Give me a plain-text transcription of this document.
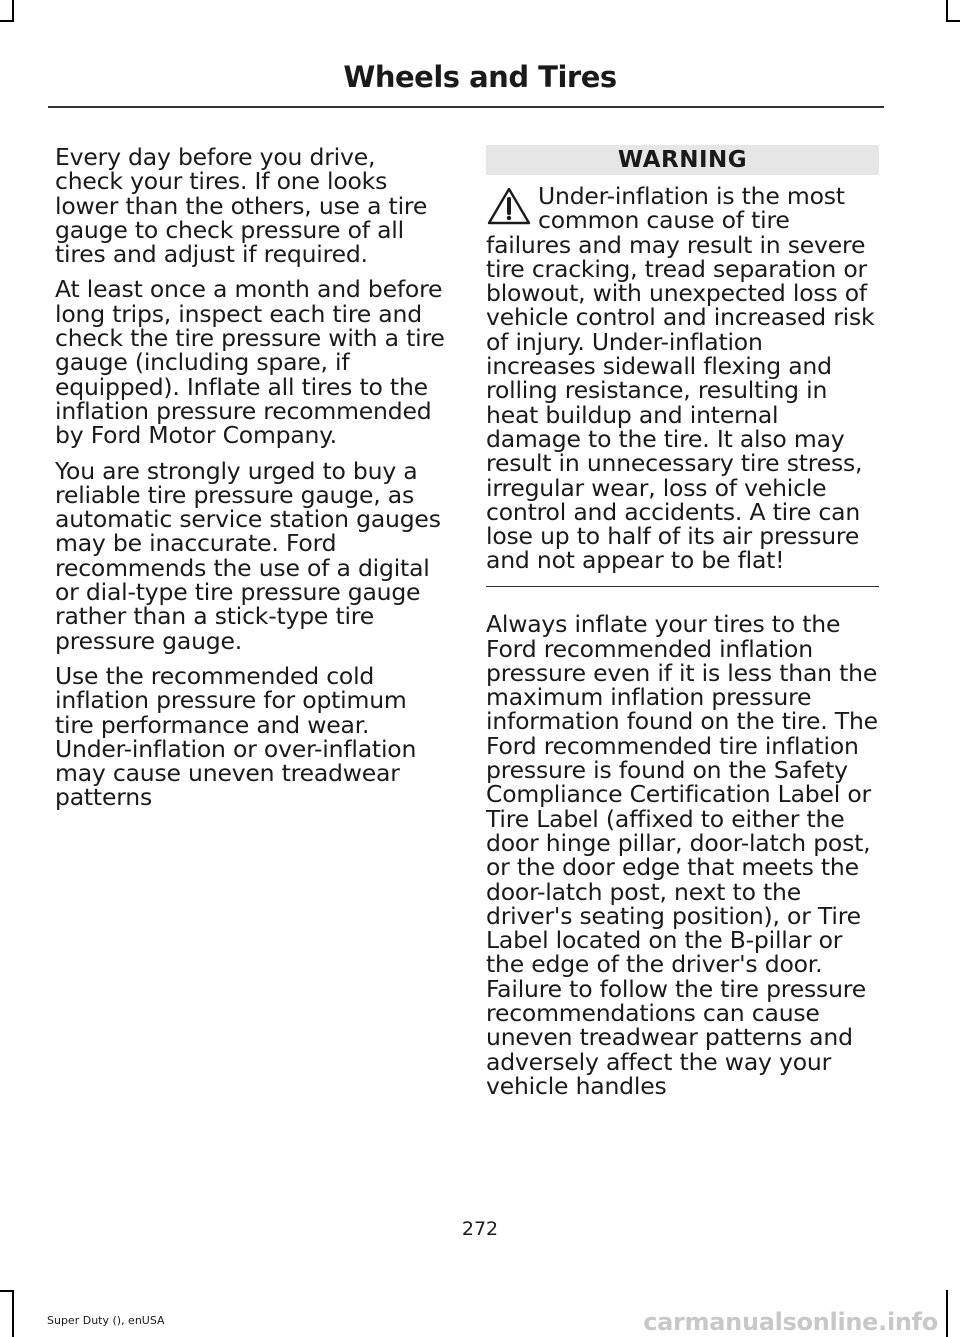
Wheels and Tires

Every day before you drive, check your tires. If one looks lower than the others, use a tire gauge to check pressure of all tires and adjust if required.

At least once a month and before long trips, inspect each tire and check the tire pressure with a tire gauge (including spare, if equipped). Inflate all tires to the inflation pressure recommended by Ford Motor Company.

You are strongly urged to buy a reliable tire pressure gauge, as automatic service station gauges may be inaccurate. Ford recommends the use of a digital or dial-type tire pressure gauge rather than a stick-type tire pressure gauge.

Use the recommended cold inflation pressure for optimum tire performance and wear. Under-inflation or over-inflation may cause uneven treadwear patterns

WARNING
Under-inflation is the most common cause of tire failures and may result in severe tire cracking, tread separation or blowout, with unexpected loss of vehicle control and increased risk of injury. Under-inflation increases sidewall flexing and rolling resistance, resulting in heat buildup and internal damage to the tire. It also may result in unnecessary tire stress, irregular wear, loss of vehicle control and accidents. A tire can lose up to half of its air pressure and not appear to be flat!

Always inflate your tires to the Ford recommended inflation pressure even if it is less than the maximum inflation pressure information found on the tire. The Ford recommended tire inflation pressure is found on the Safety Compliance Certification Label or Tire Label (affixed to either the door hinge pillar, door-latch post, or the door edge that meets the door-latch post, next to the driver's seating position), or Tire Label located on the B-pillar or the edge of the driver's door. Failure to follow the tire pressure recommendations can cause uneven treadwear patterns and adversely affect the way your vehicle handles

272
Super Duty (), enUSA	carmanualsonline.info
